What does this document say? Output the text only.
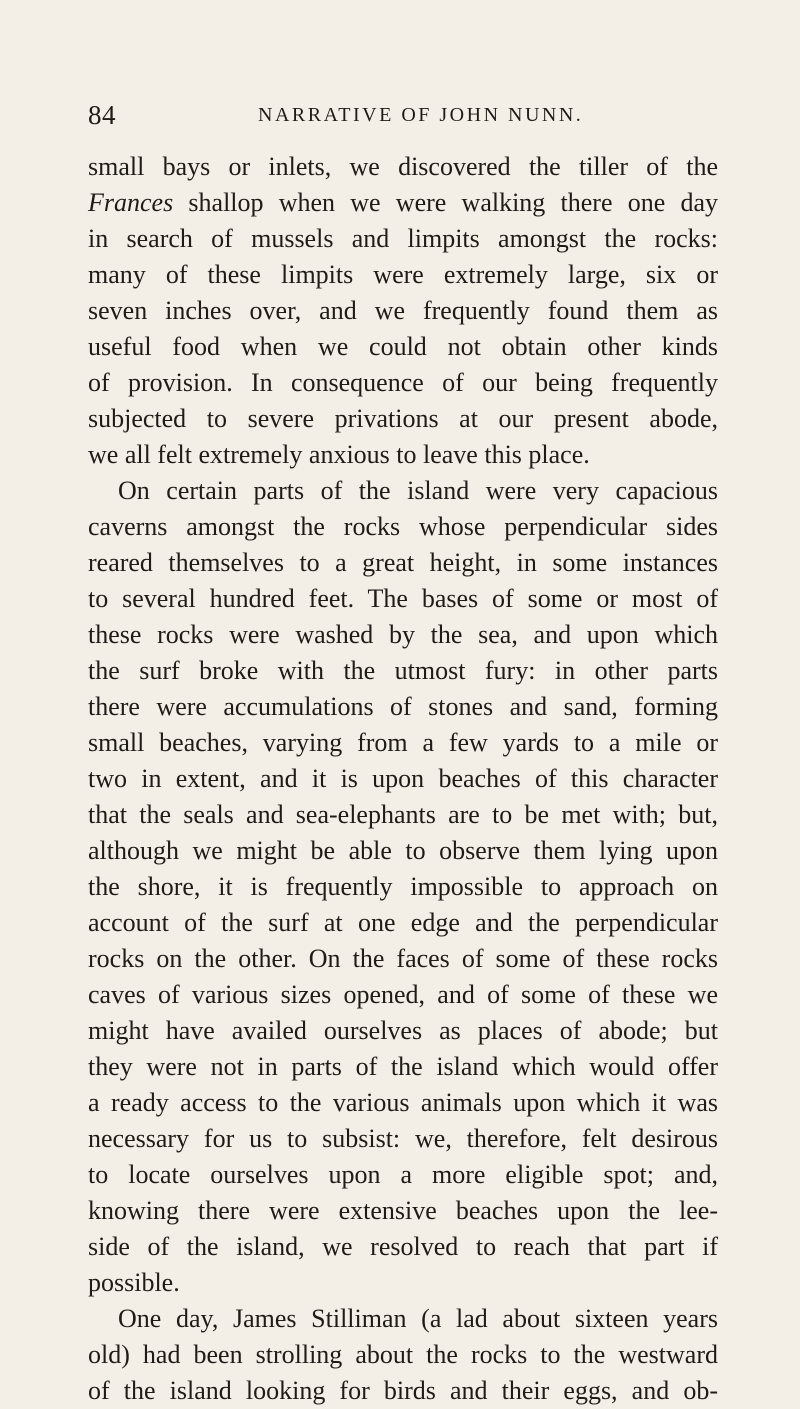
84	NARRATIVE OF JOHN NUNN.
small bays or inlets, we discovered the tiller of the
Frances shallop when we were walking there one day
in search of mussels and limpits amongst the rocks:
many of these limpits were extremely large, six or
seven inches over, and we frequently found them as
useful food when we could not obtain other kinds
of provision. In consequence of our being frequently
subjected to severe privations at our present abode,
we all felt extremely anxious to leave this place.
On certain parts of the island were very capacious
caverns amongst the rocks whose perpendicular sides
reared themselves to a great height, in some instances
to several hundred feet. The bases of some or most of
these rocks were washed by the sea, and upon which
the surf broke with the utmost fury: in other parts
there were accumulations of stones and sand, forming
small beaches, varying from a few yards to a mile or
two in extent, and it is upon beaches of this character
that the seals and sea-elephants are to be met with; but,
although we might be able to observe them lying upon
the shore, it is frequently impossible to approach on
account of the surf at one edge and the perpendicular
rocks on the other. On the faces of some of these rocks
caves of various sizes opened, and of some of these we
might have availed ourselves as places of abode; but
they were not in parts of the island which would offer
a ready access to the various animals upon which it was
necessary for us to subsist: we, therefore, felt desirous
to locate ourselves upon a more eligible spot; and,
knowing there were extensive beaches upon the lee-
side of the island, we resolved to reach that part if
possible.
One day, James Stilliman (a lad about sixteen years
old) had been strolling about the rocks to the westward
of the island looking for birds and their eggs, and ob-
